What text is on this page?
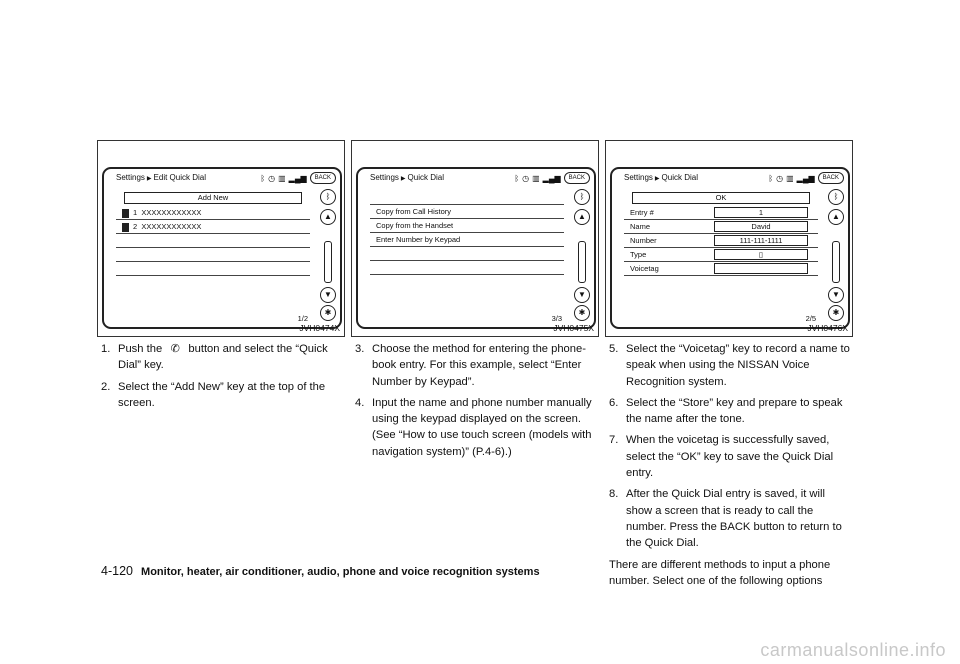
Settings ▶ Edit Quick Dial	ᛒ ◷ ▥ ▂▄▆	BACK
Add New
1 XXXXXXXXXXXX
2 XXXXXXXXXXXX
ᛒ
▲
▼
✱
1/2
JVH0474X
Settings ▶ Quick Dial	ᛒ ◷ ▥ ▂▄▆	BACK
Copy from Call History
Copy from the Handset
Enter Number by Keypad
ᛒ
▲
▼
✱
3/3
JVH0475X
Settings ▶ Quick Dial	ᛒ ◷ ▥ ▂▄▆	BACK
OK
Entry #	1
Name	David
Number	111-111-1111
Type	▯
Voicetag
ᛒ
▲
▼
✱
2/5
JVH0476X
1. Push the ✆ button and select the “Quick Dial” key.
2. Select the “Add New” key at the top of the screen.
3. Choose the method for entering the phone-book entry. For this example, select “Enter Number by Keypad”.
4. Input the name and phone number manually using the keypad displayed on the screen. (See “How to use touch screen (models with navigation system)” (P.4-6).)
5. Select the “Voicetag” key to record a name to speak when using the NISSAN Voice Recognition system.
6. Select the “Store” key and prepare to speak the name after the tone.
7. When the voicetag is successfully saved, select the “OK” key to save the Quick Dial entry.
8. After the Quick Dial entry is saved, it will show a screen that is ready to call the number. Press the BACK button to return to the Quick Dial.

There are different methods to input a phone number. Select one of the following options

4-120 Monitor, heater, air conditioner, audio, phone and voice recognition systems
carmanualsonline.info
